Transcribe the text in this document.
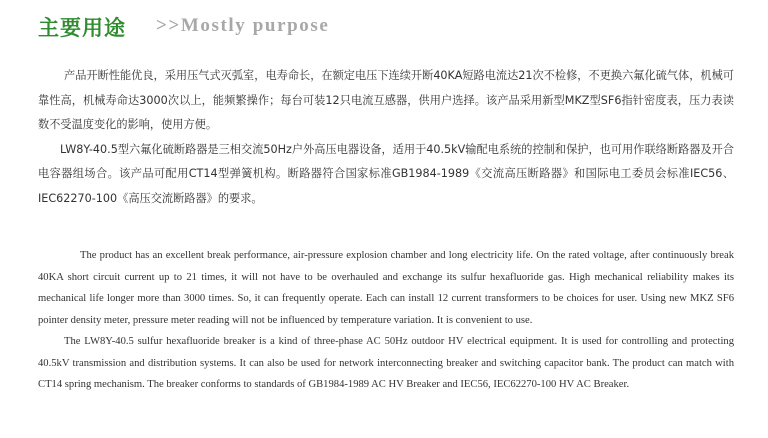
主要用途 >>Mostly purpose

产品开断性能优良，采用压气式灭弧室，电寿命长，在额定电压下连续开断40KA短路电流达21次不检修，不更换六氟化硫气体，机械可靠性高，机械寿命达3000次以上，能频繁操作；每台可装12只电流互感器，供用户选择。该产品采用新型MKZ型SF6指针密度表，压力表读数不受温度变化的影响，使用方便。

LW8Y-40.5型六氟化硫断路器是三相交流50Hz户外高压电器设备，适用于40.5kV输配电系统的控制和保护，也可用作联络断路器及开合电容器组场合。该产品可配用CT14型弹簧机构。断路器符合国家标准GB1984-1989《交流高压断路器》和国际电工委员会标准IEC56、IEC62270-100《高压交流断路器》的要求。

The product has an excellent break performance, air-pressure explosion chamber and long electricity life. On the rated voltage, after continuously break 40KA short circuit current up to 21 times, it will not have to be overhauled and exchange its sulfur hexafluoride gas. High mechanical reliability makes its mechanical life longer more than 3000 times. So, it can frequently operate. Each can install 12 current transformers to be choices for user. Using new MKZ SF6 pointer density meter, pressure meter reading will not be influenced by temperature variation. It is convenient to use.

The LW8Y-40.5 sulfur hexafluoride breaker is a kind of three-phase AC 50Hz outdoor HV electrical equipment. It is used for controlling and protecting 40.5kV transmission and distribution systems. It can also be used for network interconnecting breaker and switching capacitor bank. The product can match with CT14 spring mechanism. The breaker conforms to standards of GB1984-1989 AC HV Breaker and IEC56, IEC62270-100 HV AC Breaker.
